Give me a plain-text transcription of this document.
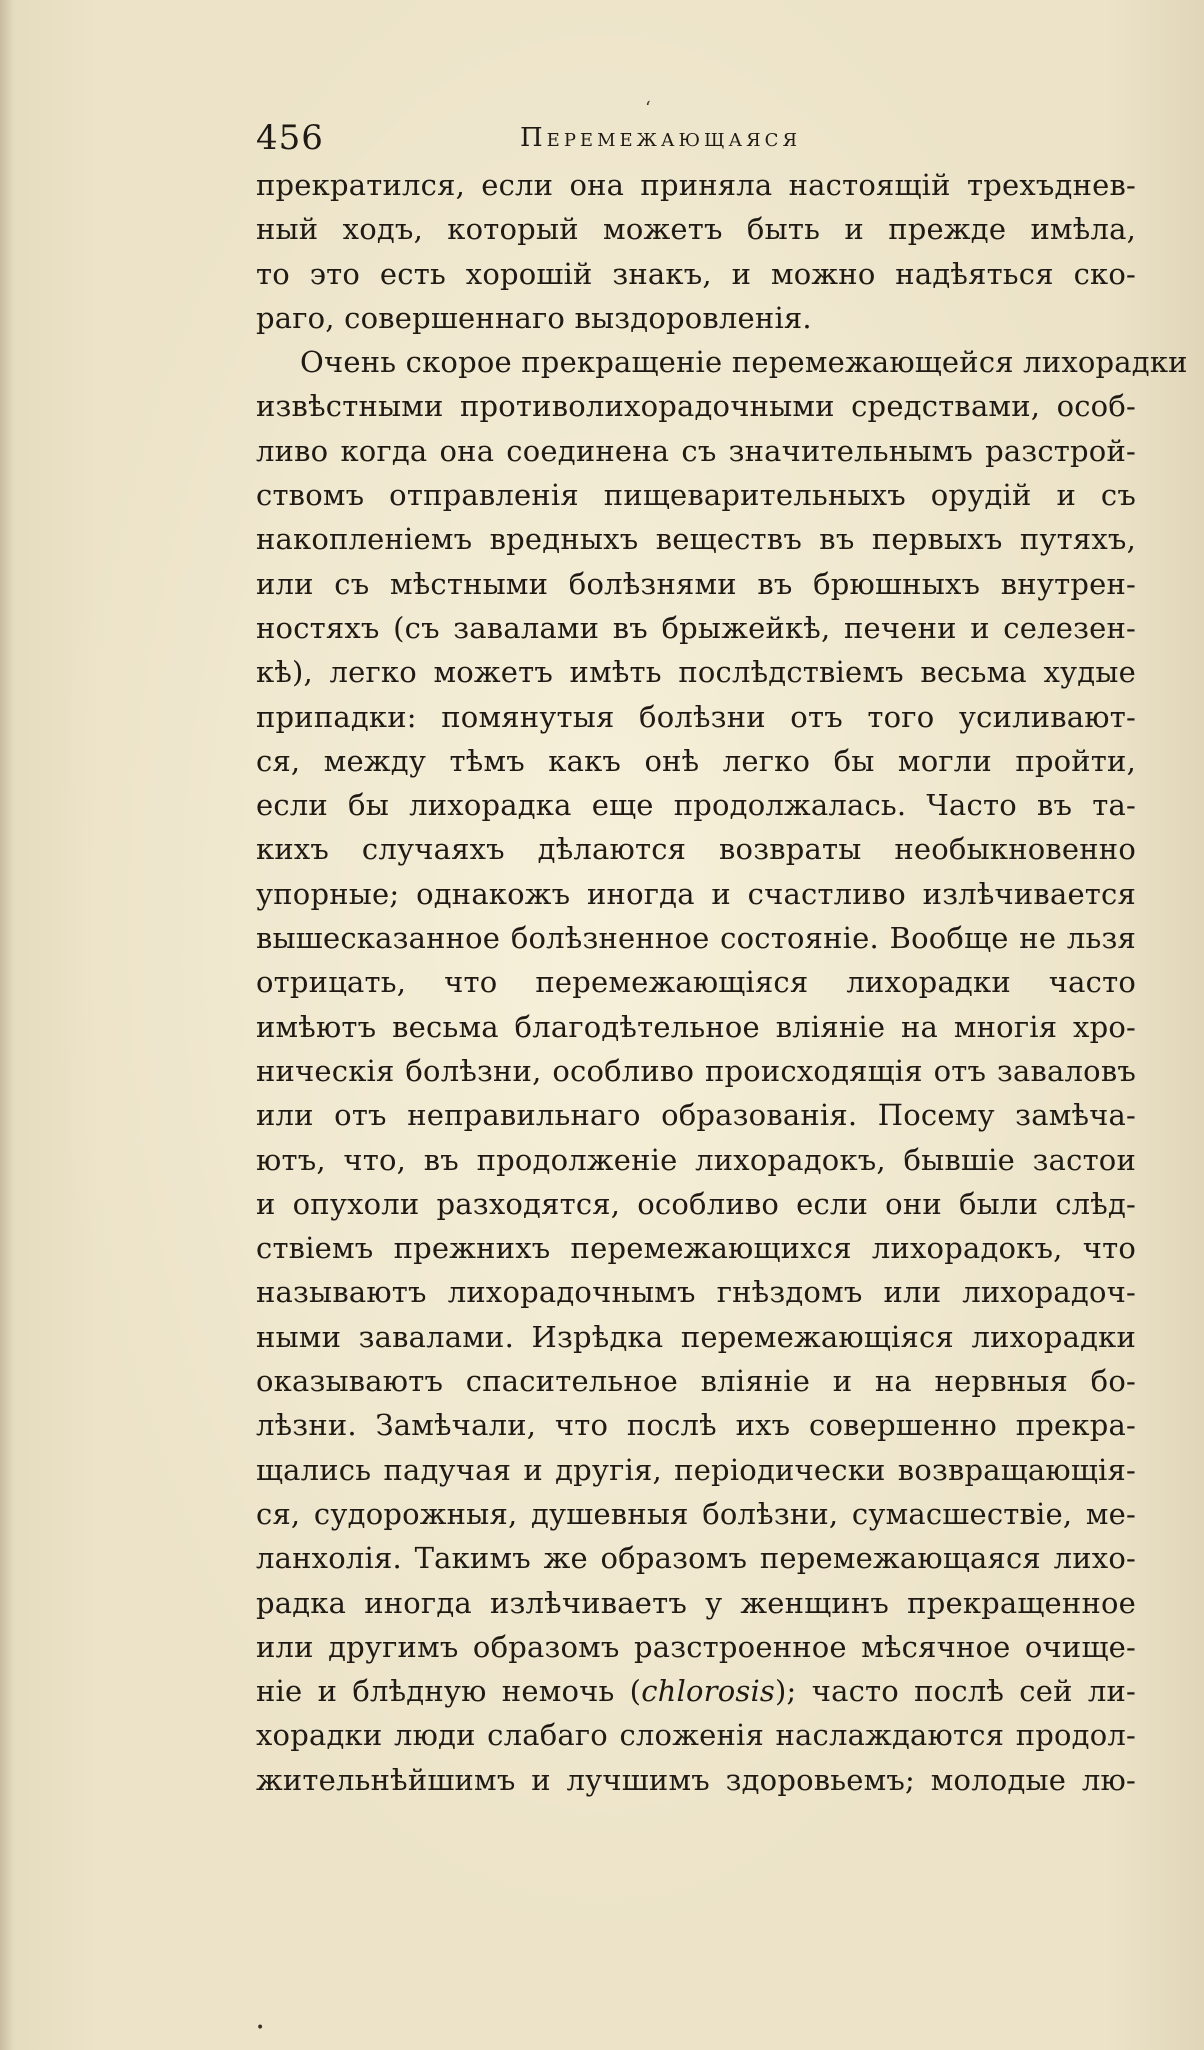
‘
456	Перемежающаяся
прекратился, если она приняла настоящій трехъднев-
ный ходъ, который можетъ быть и прежде имѣла,
то это есть хорошій знакъ, и можно надѣяться ско-
раго, совершеннаго выздоровленія.
Очень скорое прекращеніе перемежающейся лихорадки
извѣстными противолихорадочными средствами, особ-
ливо когда она соединена съ значительнымъ разстрой-
ствомъ отправленія пищеварительныхъ орудій и съ
накопленіемъ вредныхъ веществъ въ первыхъ путяхъ,
или съ мѣстными болѣзнями въ брюшныхъ внутрен-
ностяхъ (съ завалами въ брыжейкѣ, печени и селезен-
кѣ), легко можетъ имѣть послѣдствіемъ весьма худые
припадки: помянутыя болѣзни отъ того усиливают-
ся, между тѣмъ какъ онѣ легко бы могли пройти,
если бы лихорадка еще продолжалась. Часто въ та-
кихъ случаяхъ дѣлаются возвраты необыкновенно
упорные; однакожъ иногда и счастливо излѣчивается
вышесказанное болѣзненное состояніе. Вообще не льзя
отрицать, что перемежающіяся лихорадки часто
имѣютъ весьма благодѣтельное вліяніе на многія хро-
ническія болѣзни, особливо происходящія отъ заваловъ
или отъ неправильнаго образованія. Посему замѣча-
ютъ, что, въ продолженіе лихорадокъ, бывшіе застои
и опухоли разходятся, особливо если они были слѣд-
ствіемъ прежнихъ перемежающихся лихорадокъ, что
называютъ лихорадочнымъ гнѣздомъ или лихорадоч-
ными завалами. Изрѣдка перемежающіяся лихорадки
оказываютъ спасительное вліяніе и на нервныя бо-
лѣзни. Замѣчали, что послѣ ихъ совершенно прекра-
щались падучая и другія, періодически возвращающія-
ся, судорожныя, душевныя болѣзни, сумасшествіе, ме-
ланхолія. Такимъ же образомъ перемежающаяся лихо-
радка иногда излѣчиваетъ у женщинъ прекращенное
или другимъ образомъ разстроенное мѣсячное очище-
ніе и блѣдную немочь (chlorosis); часто послѣ сей ли-
хорадки люди слабаго сложенія наслаждаются продол-
жительнѣйшимъ и лучшимъ здоровьемъ; молодые лю-
•
